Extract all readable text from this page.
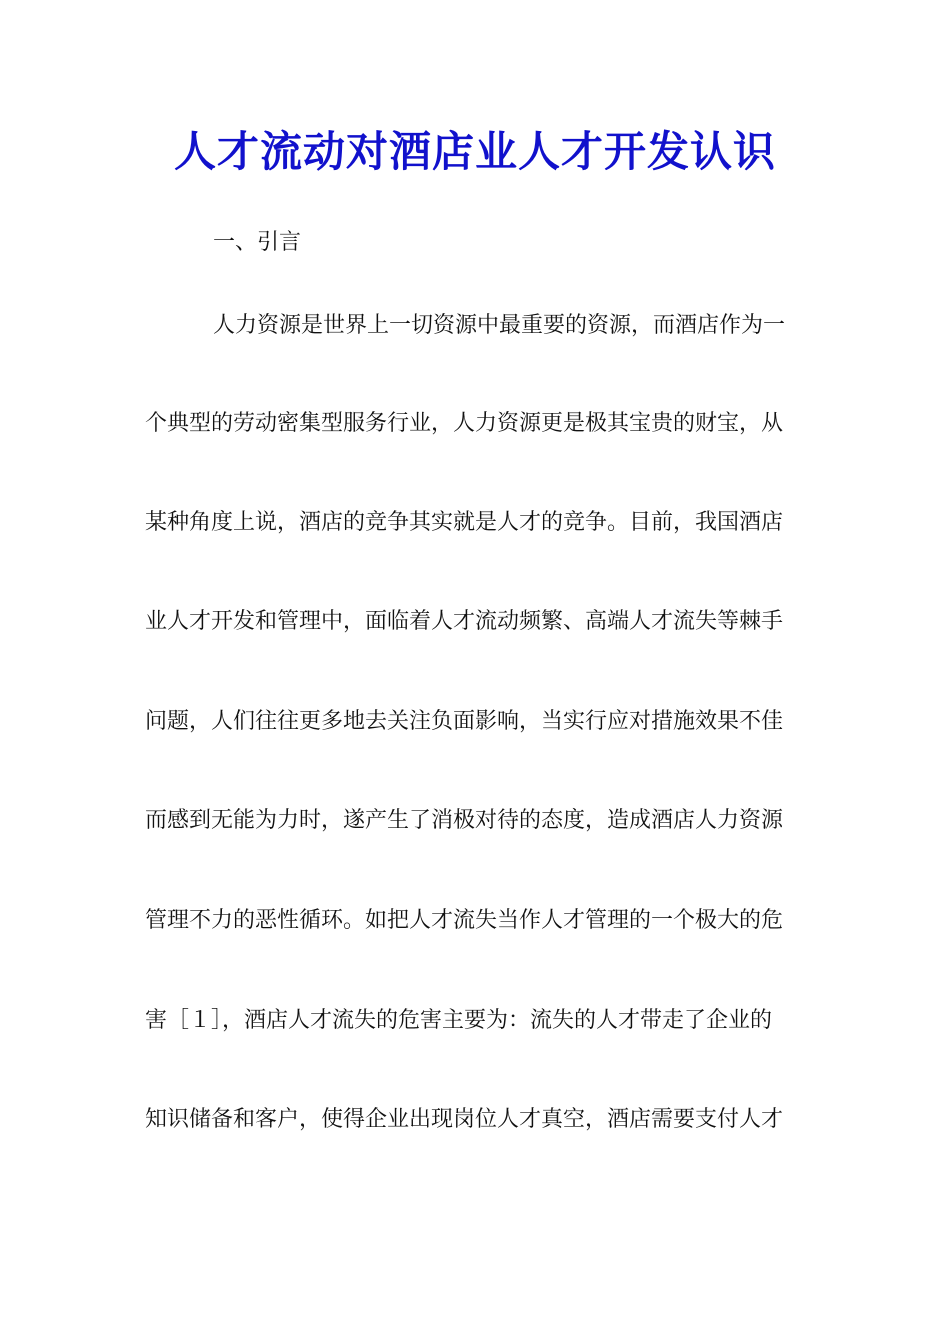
人才流动对酒店业人才开发认识
一、引言
人力资源是世界上一切资源中最重要的资源，而酒店作为一
个典型的劳动密集型服务行业，人力资源更是极其宝贵的财宝，从
某种角度上说，酒店的竞争其实就是人才的竞争。目前，我国酒店
业人才开发和管理中，面临着人才流动频繁、高端人才流失等棘手
问题，人们往往更多地去关注负面影响，当实行应对措施效果不佳
而感到无能为力时，遂产生了消极对待的态度，造成酒店人力资源
管理不力的恶性循环。如把人才流失当作人才管理的一个极大的危
害［１］，酒店人才流失的危害主要为：流失的人才带走了企业的
知识储备和客户，使得企业出现岗位人才真空，酒店需要支付人才
